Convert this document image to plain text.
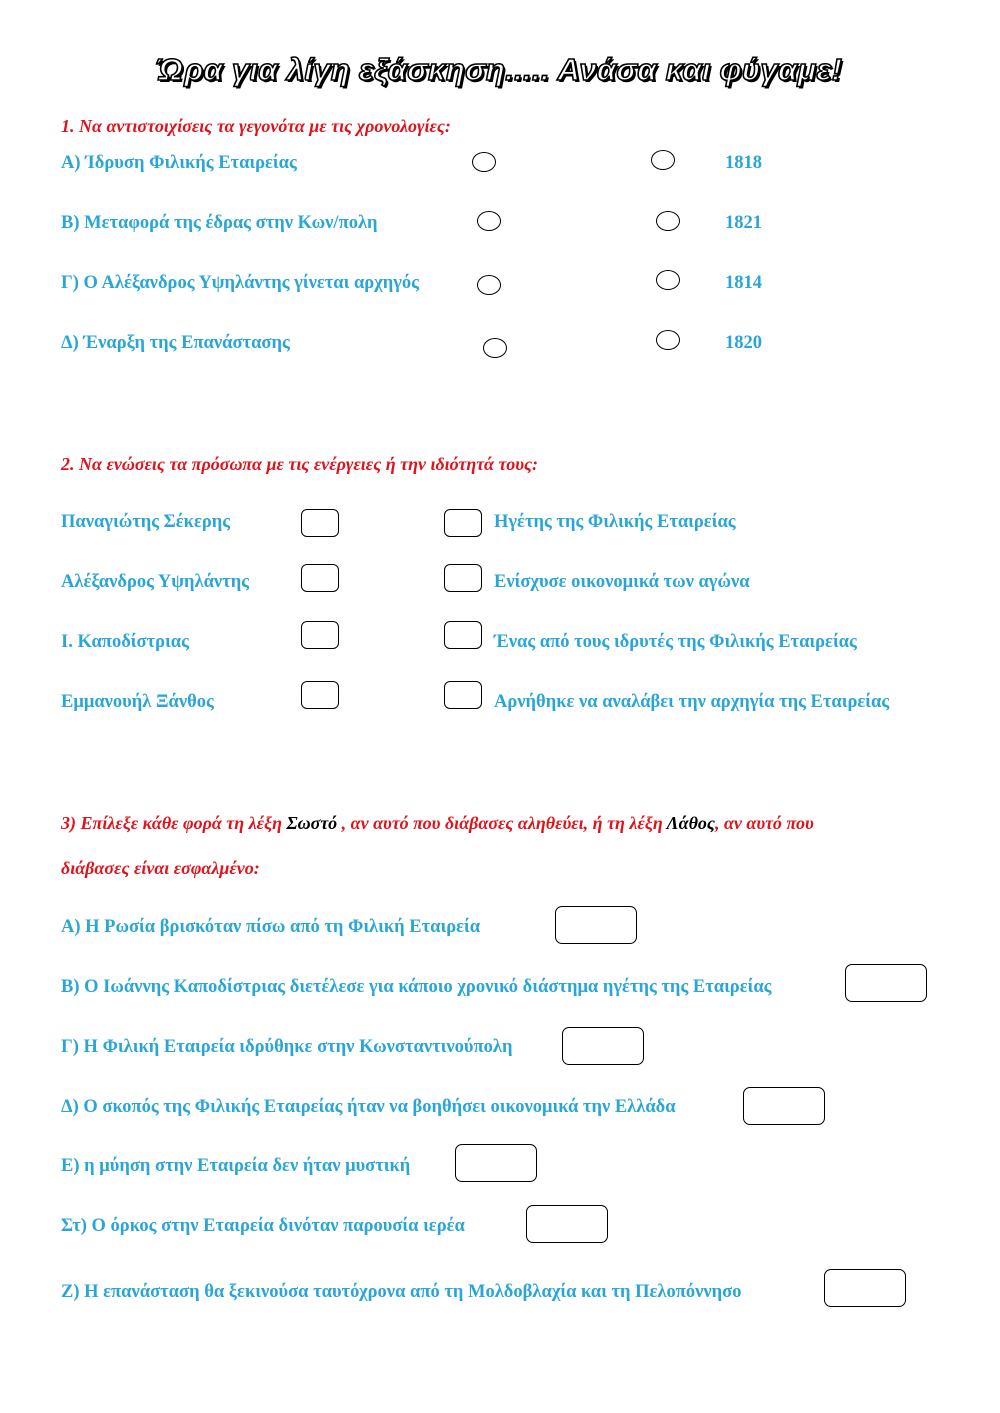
Ώρα για λίγη εξάσκηση..... Ανάσα και φύγαμε!
1. Να αντιστοιχίσεις τα γεγονότα με τις χρονολογίες:
Α) Ίδρυση Φιλικής Εταιρείας
Β) Μεταφορά της έδρας στην Κων/πολη
Γ) Ο Αλέξανδρος Υψηλάντης γίνεται αρχηγός
Δ) Έναρξη της Επανάστασης
1818
1821
1814
1820
2. Να ενώσεις τα πρόσωπα με τις ενέργειες ή την ιδιότητά τους:
Παναγιώτης Σέκερης
Αλέξανδρος Υψηλάντης
Ι. Καποδίστριας
Εμμανουήλ Ξάνθος
Ηγέτης της Φιλικής Εταιρείας
Ενίσχυσε οικονομικά των αγώνα
Ένας από τους ιδρυτές της Φιλικής Εταιρείας
Αρνήθηκε να αναλάβει την αρχηγία της Εταιρείας
3) Επίλεξε κάθε φορά τη λέξη Σωστό , αν αυτό που διάβασες αληθεύει, ή τη λέξη Λάθος, αν αυτό που
διάβασες είναι εσφαλμένο:
Α) Η Ρωσία βρισκόταν πίσω από τη Φιλική Εταιρεία
Β) Ο Ιωάννης Καποδίστριας διετέλεσε για κάποιο χρονικό διάστημα ηγέτης της Εταιρείας
Γ) Η Φιλική Εταιρεία ιδρύθηκε στην Κωνσταντινούπολη
Δ) Ο σκοπός της Φιλικής Εταιρείας ήταν να βοηθήσει οικονομικά την Ελλάδα
Ε) η μύηση στην Εταιρεία δεν ήταν μυστική
Στ) Ο όρκος στην Εταιρεία δινόταν παρουσία ιερέα
Ζ) Η επανάσταση θα ξεκινούσα ταυτόχρονα από τη Μολδοβλαχία και τη Πελοπόννησο
